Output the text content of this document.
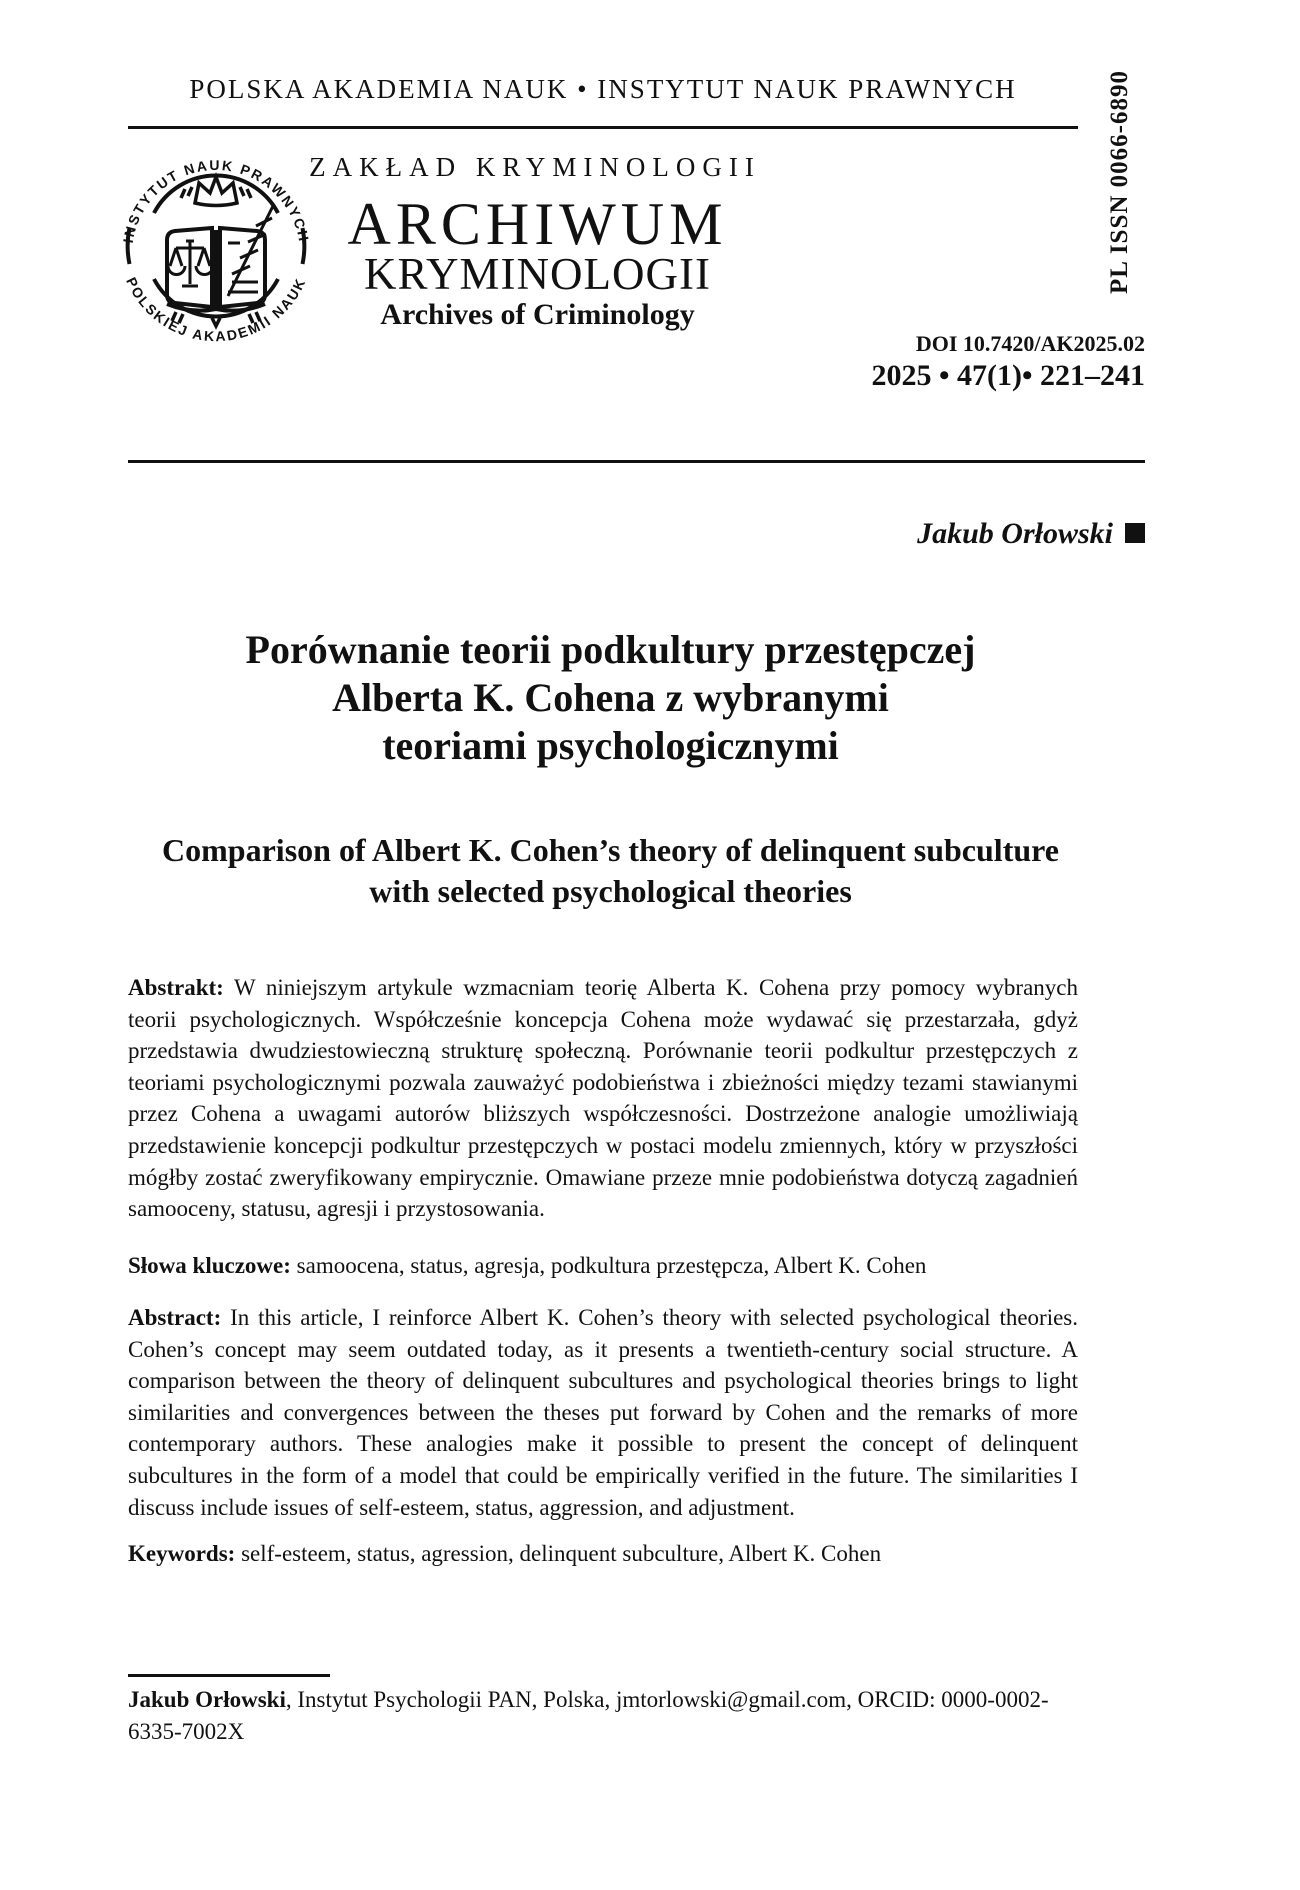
POLSKA AKADEMIA NAUK • INSTYTUT NAUK PRAWNYCH
ZAKŁAD KRYMINOLOGII
INSTYTUT NAUK PRAWNYCH
POLSKIEJ AKADEMII NAUK
ARCHIWUM
KRYMINOLOGII
Archives of Criminology
PL ISSN 0066-6890
DOI 10.7420/AK2025.02
2025 • 47(1)• 221–241
Jakub Orłowski
Porównanie teorii podkultury przestępczej
Alberta K. Cohena z wybranymi
teoriami psychologicznymi
Comparison of Albert K. Cohen’s theory of delinquent subculture
with selected psychological theories

Abstrakt: W niniejszym artykule wzmacniam teorię Alberta K. Cohena przy pomocy wybranych teorii psychologicznych. Współcześnie koncepcja Cohena może wydawać się przestarzała, gdyż przedstawia dwudziestowieczną strukturę społeczną. Porównanie teorii podkultur przestępczych z teoriami psychologicznymi pozwala zauważyć podobieństwa i zbieżności między tezami stawianymi przez Cohena a uwagami autorów bliższych współczesności. Dostrzeżone analogie umożliwiają przedstawienie koncepcji podkultur przestępczych w postaci modelu zmiennych, który w przyszłości mógłby zostać zweryfikowany empirycznie. Omawiane przeze mnie podobieństwa dotyczą zagadnień samooceny, statusu, agresji i przystosowania.

Słowa kluczowe: samoocena, status, agresja, podkultura przestępcza, Albert K. Cohen

Abstract: In this article, I reinforce Albert K. Cohen’s theory with selected psychological theories. Cohen’s concept may seem outdated today, as it presents a twentieth-century social structure. A comparison between the theory of delinquent subcultures and psychological theories brings to light similarities and convergences between the theses put forward by Cohen and the remarks of more contemporary authors. These analogies make it possible to present the concept of delinquent subcultures in the form of a model that could be empirically verified in the future. The similarities I discuss include issues of self-esteem, status, aggression, and adjustment.

Keywords: self-esteem, status, agression, delinquent subculture, Albert K. Cohen

Jakub Orłowski, Instytut Psychologii PAN, Polska, jmtorlowski@gmail.com, ORCID: 0000-0002-6335-7002X
